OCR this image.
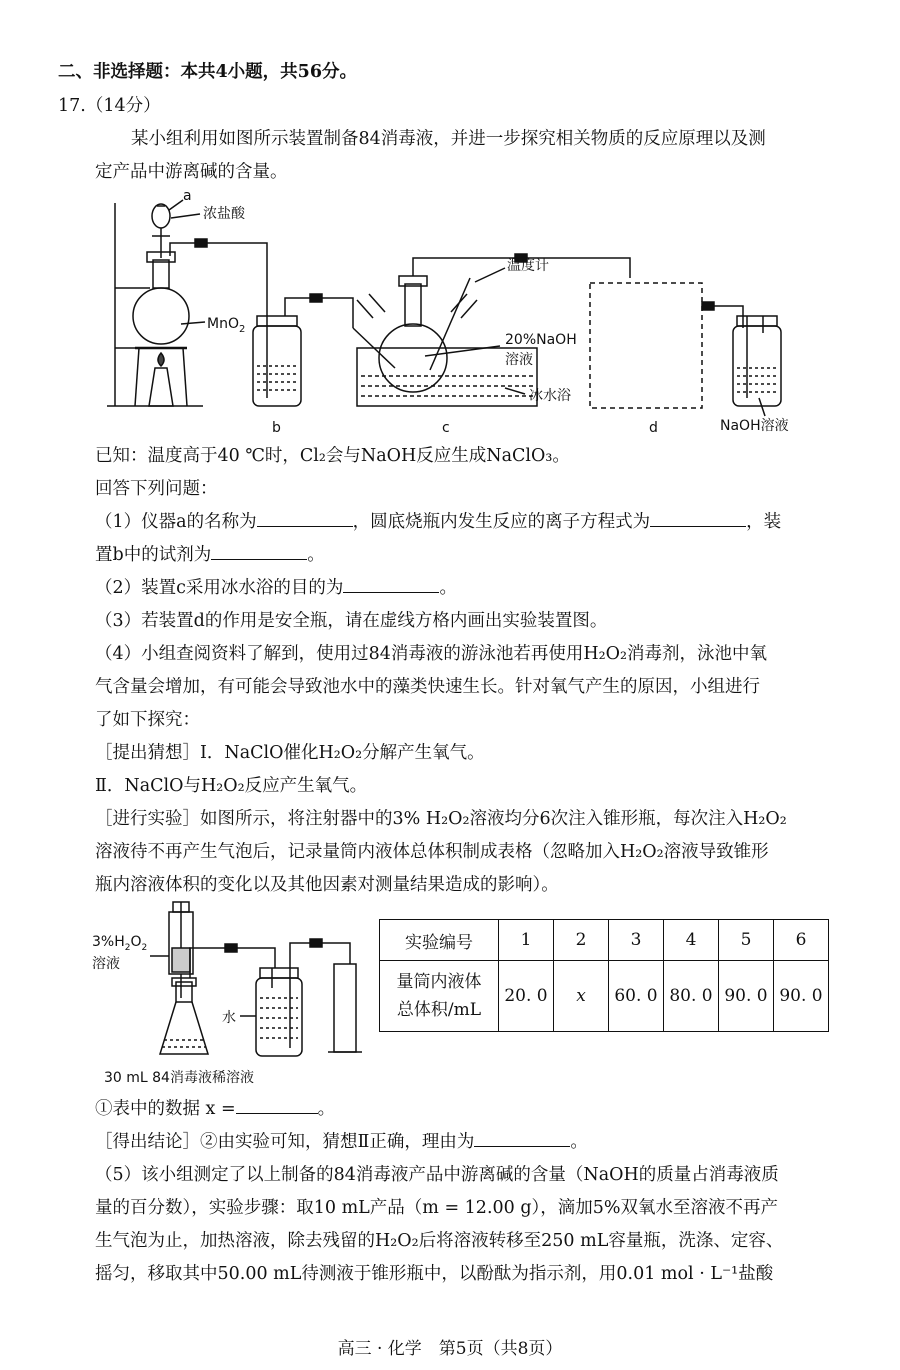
二、非选择题：本共4小题，共56分。
17.（14分）
某小组利用如图所示装置制备84消毒液，并进一步探究相关物质的反应原理以及测
定产品中游离碱的含量。
a
浓盐酸
MnO$_2$
b	c	d
温度计
20%NaOH
溶液
冰水浴
NaOH溶液
已知：温度高于40 ℃时，Cl₂会与NaOH反应生成NaClO₃。
回答下列问题：
（1）仪器a的名称为	，圆底烧瓶内发生反应的离子方程式为	，装
置b中的试剂为	。
（2）装置c采用冰水浴的目的为	。
（3）若装置d的作用是安全瓶，请在虚线方格内画出实验装置图。
（4）小组查阅资料了解到，使用过84消毒液的游泳池若再使用H₂O₂消毒剂，泳池中氧
气含量会增加，有可能会导致池水中的藻类快速生长。针对氧气产生的原因，小组进行
了如下探究：
［提出猜想］Ⅰ．NaClO催化H₂O₂分解产生氧气。
Ⅱ．NaClO与H₂O₂反应产生氧气。
［进行实验］如图所示，将注射器中的3% H₂O₂溶液均分6次注入锥形瓶，每次注入H₂O₂
溶液待不再产生气泡后，记录量筒内液体总体积制成表格（忽略加入H₂O₂溶液导致锥形
瓶内溶液体积的变化以及其他因素对测量结果造成的影响）。
$3\%H_2O_2$
溶液
水
30 mL 84消毒液稀溶液
实验编号	1	2	3	4	5	6

量筒内液体
总体积/mL	20. 0	x	60. 0	80. 0	90. 0	90. 0
①表中的数据 x =	。
［得出结论］②由实验可知，猜想Ⅱ正确，理由为	。
（5）该小组测定了以上制备的84消毒液产品中游离碱的含量（NaOH的质量占消毒液质
量的百分数），实验步骤：取10 mL产品（m = 12.00 g），滴加5%双氧水至溶液不再产
生气泡为止，加热溶液，除去残留的H₂O₂后将溶液转移至250 mL容量瓶，洗涤、定容、
摇匀，移取其中50.00 mL待测液于锥形瓶中，以酚酞为指示剂，用0.01 mol · L⁻¹盐酸
高三 · 化学　第5页（共8页）
